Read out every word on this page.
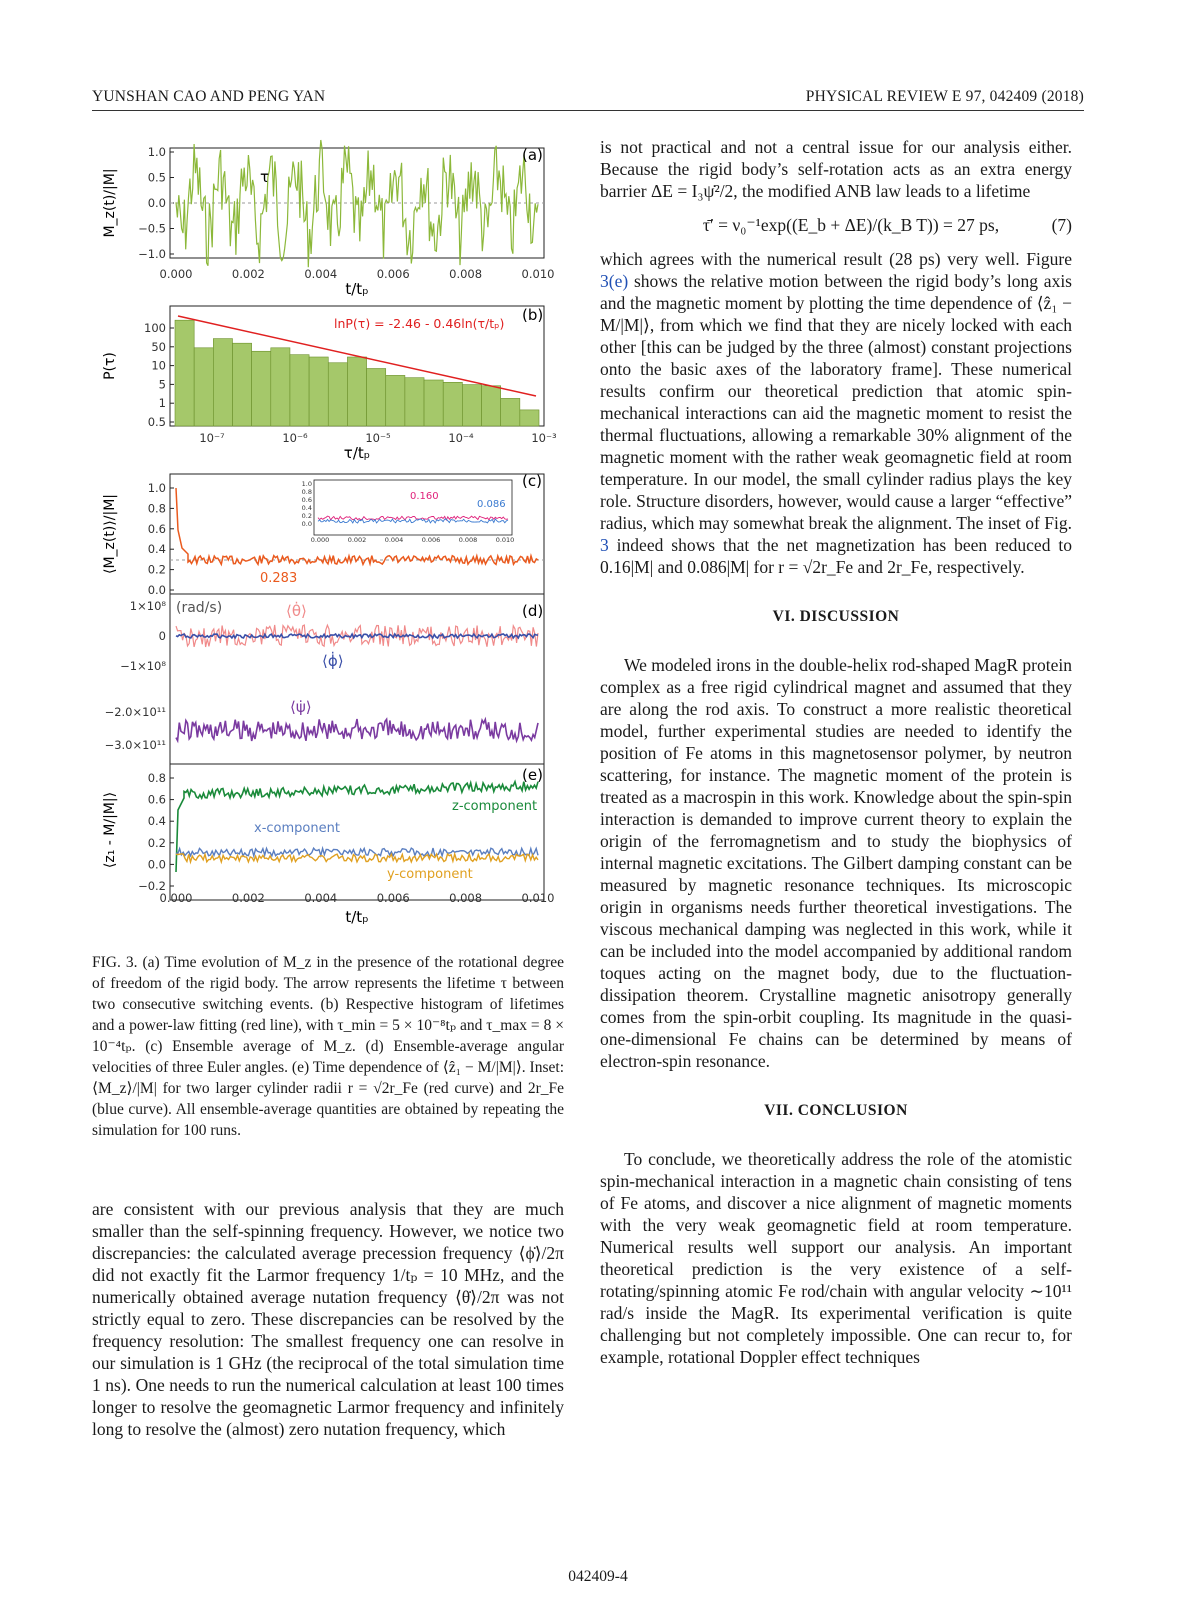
YUNSHAN CAO AND PENG YAN	PHYSICAL REVIEW E 97, 042409 (2018)
1.0
0.5
0.0
−0.5
−1.0
(a)
τ
0.000	0.002	0.004	0.006	0.008	0.010
t/tₚ
M_z(t)/|M|
100
50
10
5
1
0.5
lnP(τ) = -2.46 - 0.46ln(τ/tₚ) (b)
10⁻⁷	10⁻⁶	10⁻⁵	10⁻⁴	10⁻³
τ/tₚ
P(τ)
1.0
0.8
0.6
0.4
0.2
0.0
0.283
(c)
0.160
0.086
1.0
0.8
0.6
0.4
0.2
0.0
0.000	0.002	0.004	0.006	0.008	0.010
⟨M_z(t)⟩/|M|
1×10⁸
0
−1×10⁸
−2.0×10¹¹
−3.0×10¹¹
(rad/s)	⟨θ̇⟩
⟨ϕ̇⟩
⟨ψ̇⟩
(d)
0.8
0.6
0.4
0.2
0.0
−0.2
z-component
x-component
y-component
(e)
0.000	0.002	0.004	0.006	0.008	0.010
t/tₚ
⟨z₁ - M/|M|⟩
FIG. 3. (a) Time evolution of M_z in the presence of the rotational degree of freedom of the rigid body. The arrow represents the lifetime τ between two consecutive switching events. (b) Respective histogram of lifetimes and a power-law fitting (red line), with τ_min = 5 × 10⁻⁸tₚ and τ_max = 8 × 10⁻⁴tₚ. (c) Ensemble average of M_z. (d) Ensemble-average angular velocities of three Euler angles. (e) Time dependence of ⟨ẑ₁ − M/|M|⟩. Inset: ⟨M_z⟩/|M| for two larger cylinder radii r = √2r_Fe (red curve) and 2r_Fe (blue curve). All ensemble-average quantities are obtained by repeating the simulation for 100 runs.

are consistent with our previous analysis that they are much smaller than the self-spinning frequency. However, we notice two discrepancies: the calculated average precession frequency ⟨ϕ̇⟩/2π did not exactly fit the Larmor frequency 1/tₚ = 10 MHz, and the numerically obtained average nutation frequency ⟨θ̇⟩/2π was not strictly equal to zero. These discrepancies can be resolved by the frequency resolution: The smallest frequency one can resolve in our simulation is 1 GHz (the reciprocal of the total simulation time 1 ns). One needs to run the numerical calculation at least 100 times longer to resolve the geomagnetic Larmor frequency and infinitely long to resolve the (almost) zero nutation frequency, which

is not practical and not a central issue for our analysis either. Because the rigid body’s self-rotation acts as an extra energy barrier ΔE = I₃ψ̇²/2, the modified ANB law leads to a lifetime

τ̄′ = ν₀⁻¹exp((E_b + ΔE)/(k_B T)) = 27 ps,	(7)

which agrees with the numerical result (28 ps) very well. Figure 3(e) shows the relative motion between the rigid body’s long axis and the magnetic moment by plotting the time dependence of ⟨ẑ₁ − M/|M|⟩, from which we find that they are nicely locked with each other [this can be judged by the three (almost) constant projections onto the basic axes of the laboratory frame]. These numerical results confirm our theoretical prediction that atomic spin-mechanical interactions can aid the magnetic moment to resist the thermal fluctuations, allowing a remarkable 30% alignment of the magnetic moment with the rather weak geomagnetic field at room temperature. In our model, the small cylinder radius plays the key role. Structure disorders, however, would cause a larger “effective” radius, which may somewhat break the alignment. The inset of Fig. 3 indeed shows that the net magnetization has been reduced to 0.16|M| and 0.086|M| for r = √2r_Fe and 2r_Fe, respectively.

VI. DISCUSSION

We modeled irons in the double-helix rod-shaped MagR protein complex as a free rigid cylindrical magnet and assumed that they are along the rod axis. To construct a more realistic theoretical model, further experimental studies are needed to identify the position of Fe atoms in this magnetosensor polymer, by neutron scattering, for instance. The magnetic moment of the protein is treated as a macrospin in this work. Knowledge about the spin-spin interaction is demanded to improve current theory to explain the origin of the ferromagnetism and to study the biophysics of internal magnetic excitations. The Gilbert damping constant can be measured by magnetic resonance techniques. Its microscopic origin in organisms needs further theoretical investigations. The viscous mechanical damping was neglected in this work, while it can be included into the model accompanied by additional random toques acting on the magnet body, due to the fluctuation-dissipation theorem. Crystalline magnetic anisotropy generally comes from the spin-orbit coupling. Its magnitude in the quasi-one-dimensional Fe chains can be determined by means of electron-spin resonance.

VII. CONCLUSION

To conclude, we theoretically address the role of the atomistic spin-mechanical interaction in a magnetic chain consisting of tens of Fe atoms, and discover a nice alignment of magnetic moments with the very weak geomagnetic field at room temperature. Numerical results well support our analysis. An important theoretical prediction is the very existence of a self-rotating/spinning atomic Fe rod/chain with angular velocity ∼10¹¹ rad/s inside the MagR. Its experimental verification is quite challenging but not completely impossible. One can recur to, for example, rotational Doppler effect techniques

042409-4
